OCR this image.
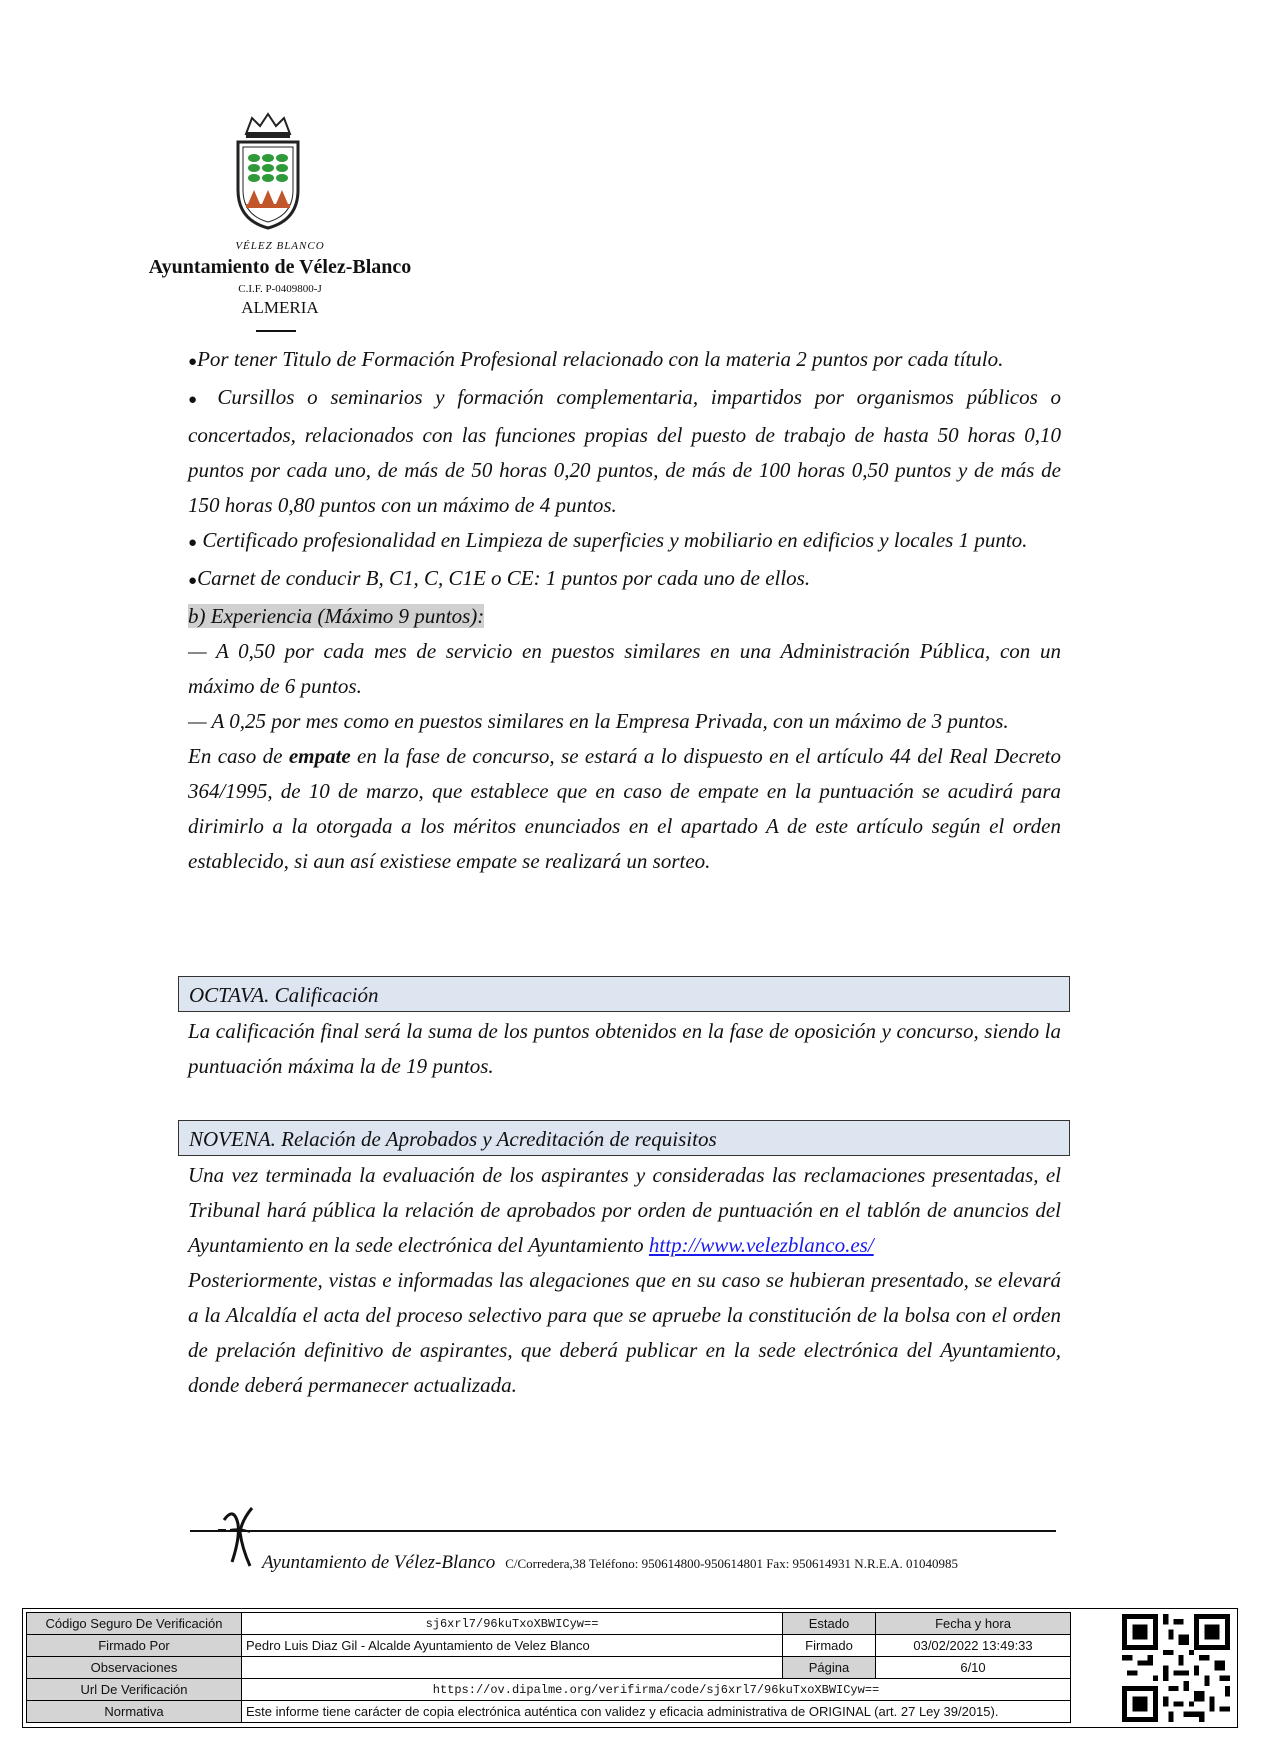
VÉLEZ BLANCO
Ayuntamiento de Vélez-Blanco
C.I.F. P-0409800-J
ALMERIA

●Por tener Titulo de Formación Profesional relacionado con la materia 2 puntos por cada título.

● Cursillos o seminarios y formación complementaria, impartidos por organismos públicos o concertados, relacionados con las funciones propias del puesto de trabajo de hasta 50 horas 0,10 puntos por cada uno, de más de 50 horas 0,20 puntos, de más de 100 horas 0,50 puntos y de más de 150 horas 0,80 puntos con un máximo de 4 puntos.

● Certificado profesionalidad en Limpieza de superficies y mobiliario en edificios y locales 1 punto.

●Carnet de conducir B, C1, C, C1E o CE: 1 puntos por cada uno de ellos.

b) Experiencia (Máximo 9 puntos):

— A 0,50 por cada mes de servicio en puestos similares en una Administración Pública, con un máximo de 6 puntos.

— A 0,25 por mes como en puestos similares en la Empresa Privada, con un máximo de 3 puntos.

En caso de empate en la fase de concurso, se estará a lo dispuesto en el artículo 44 del Real Decreto 364/1995, de 10 de marzo, que establece que en caso de empate en la puntuación se acudirá para dirimirlo a la otorgada a los méritos enunciados en el apartado A de este artículo según el orden establecido, si aun así existiese empate se realizará un sorteo.

OCTAVA. Calificación
La calificación final será la suma de los puntos obtenidos en la fase de oposición y concurso, siendo la puntuación máxima la de 19 puntos.
NOVENA. Relación de Aprobados y Acreditación de requisitos

Una vez terminada la evaluación de los aspirantes y consideradas las reclamaciones presentadas, el Tribunal hará pública la relación de aprobados por orden de puntuación en el tablón de anuncios del Ayuntamiento en la sede electrónica del Ayuntamiento http://www.velezblanco.es/

Posteriormente, vistas e informadas las alegaciones que en su caso se hubieran presentado, se elevará a la Alcaldía el acta del proceso selectivo para que se apruebe la constitución de la bolsa con el orden de prelación definitivo de aspirantes, que deberá publicar en la sede electrónica del Ayuntamiento, donde deberá permanecer actualizada.

Ayuntamiento de Vélez-Blanco C/Corredera,38 Teléfono: 950614800-950614801 Fax: 950614931 N.R.E.A. 01040985
Código Seguro De Verificación	sj6xrl7/96kuTxoXBWICyw==	Estado	Fecha y hora
Firmado Por	Pedro Luis Diaz Gil - Alcalde Ayuntamiento de Velez Blanco	Firmado	03/02/2022 13:49:33
Observaciones		Página	6/10
Url De Verificación	https://ov.dipalme.org/verifirma/code/sj6xrl7/96kuTxoXBWICyw==		
Normativa	Este informe tiene carácter de copia electrónica auténtica con validez y eficacia administrativa de ORIGINAL (art. 27 Ley 39/2015).		
